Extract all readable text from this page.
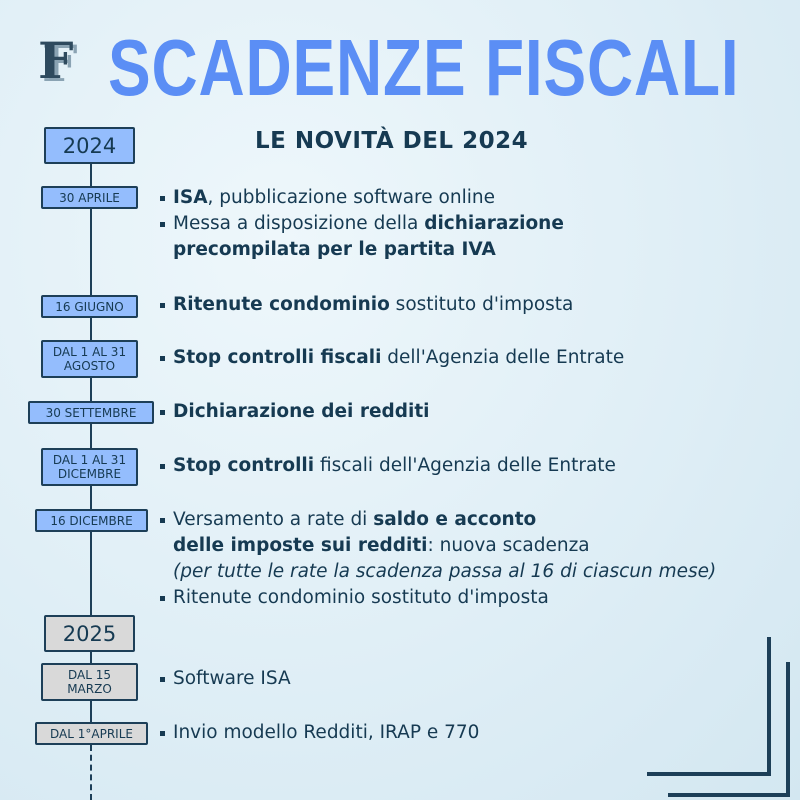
F SCADENZE FISCALI
LE NOVITÀ DEL 2024
2024
2025
30 APRILE
16 GIUGNO
DAL 1 AL 31
AGOSTO
30 SETTEMBRE
DAL 1 AL 31
DICEMBRE
16 DICEMBRE
DAL 15
MARZO
DAL 1°APRILE
ISA, pubblicazione software online
Messa a disposizione della dichiarazione
precompilata per le partita IVA
Ritenute condominio sostituto d'imposta
Stop controlli fiscali dell'Agenzia delle Entrate
Dichiarazione dei redditi
Stop controlli fiscali dell'Agenzia delle Entrate
Versamento a rate di saldo e acconto
delle imposte sui redditi: nuova scadenza
(per tutte le rate la scadenza passa al 16 di ciascun mese)
Ritenute condominio sostituto d'imposta
Software ISA
Invio modello Redditi, IRAP e 770
